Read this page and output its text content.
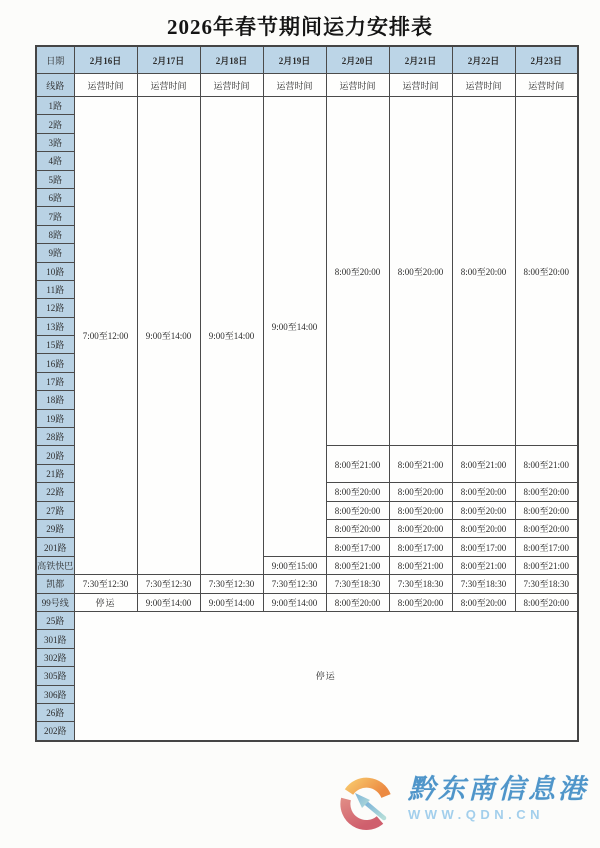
2026年春节期间运力安排表
日期	2月16日	2月17日	2月18日	2月19日	2月20日	2月21日	2月22日	2月23日
线路	运营时间	运营时间	运营时间	运营时间	运营时间	运营时间	运营时间	运营时间
1路	7:00至12:00	9:00至14:00	9:00至14:00	9:00至14:00	8:00至20:00	8:00至20:00	8:00至20:00	8:00至20:00
2路								
3路								
4路								
5路								
6路								
7路								
8路								
9路								
10路								
11路								
12路								
13路								
15路								
16路								
17路								
18路								
19路								
28路								
20路					8:00至21:00	8:00至21:00	8:00至21:00	8:00至21:00
21路								
22路					8:00至20:00	8:00至20:00	8:00至20:00	8:00至20:00
27路					8:00至20:00	8:00至20:00	8:00至20:00	8:00至20:00
29路					8:00至20:00	8:00至20:00	8:00至20:00	8:00至20:00
201路					8:00至17:00	8:00至17:00	8:00至17:00	8:00至17:00
高铁快巴				9:00至15:00	8:00至21:00	8:00至21:00	8:00至21:00	8:00至21:00
凯都	7:30至12:30	7:30至12:30	7:30至12:30	7:30至12:30	7:30至18:30	7:30至18:30	7:30至18:30	7:30至18:30
99号线	停运	9:00至14:00	9:00至14:00	9:00至14:00	8:00至20:00	8:00至20:00	8:00至20:00	8:00至20:00
25路	停运							
301路								
302路								
305路								
306路								
26路								
202路								
黔东南信息港
WWW.QDN.CN
